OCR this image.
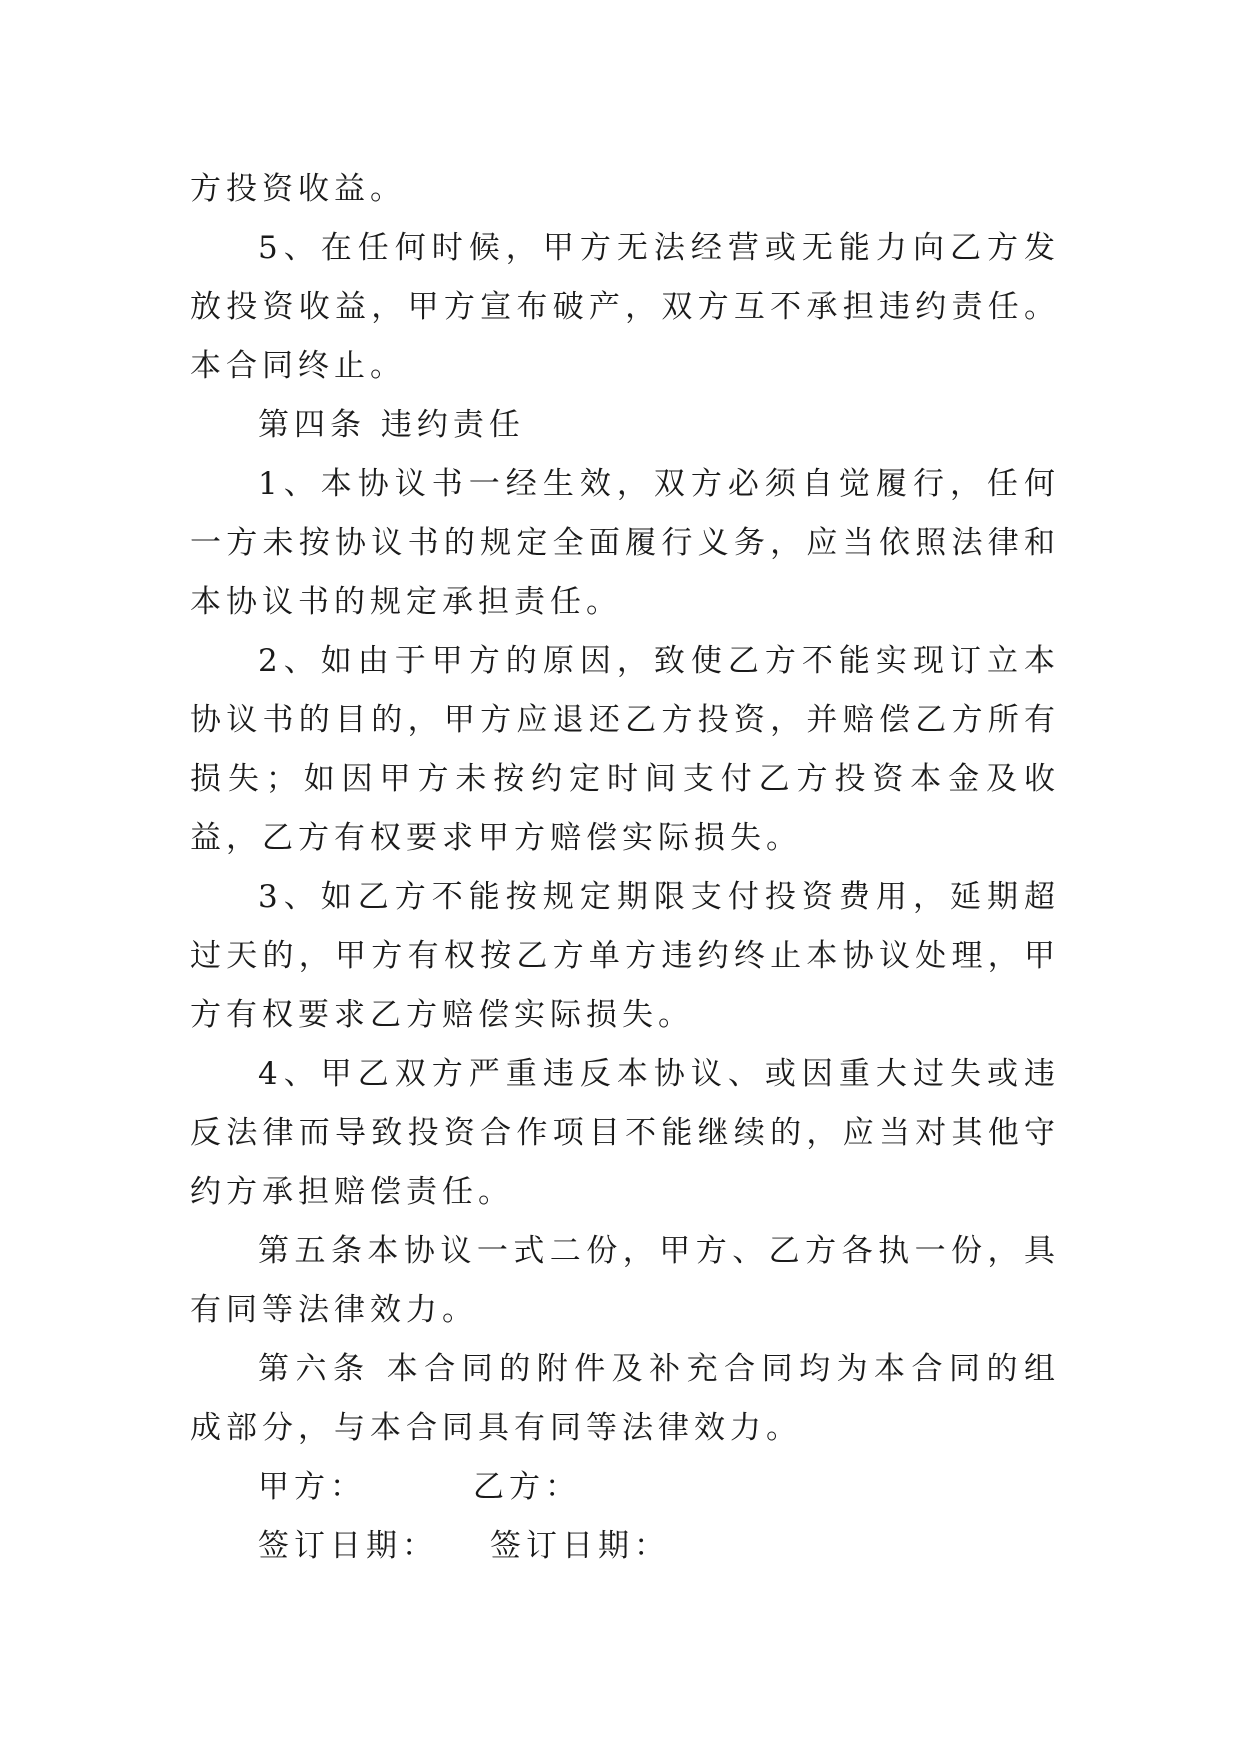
方投资收益。

5、在任何时候，甲方无法经营或无能力向乙方发放投资收益，甲方宣布破产，双方互不承担违约责任。本合同终止。

第四条 违约责任

1、本协议书一经生效，双方必须自觉履行，任何一方未按协议书的规定全面履行义务，应当依照法律和本协议书的规定承担责任。

2、如由于甲方的原因，致使乙方不能实现订立本协议书的目的，甲方应退还乙方投资，并赔偿乙方所有损失；如因甲方未按约定时间支付乙方投资本金及收益，乙方有权要求甲方赔偿实际损失。

3、如乙方不能按规定期限支付投资费用，延期超过天的，甲方有权按乙方单方违约终止本协议处理，甲方有权要求乙方赔偿实际损失。

4、甲乙双方严重违反本协议、或因重大过失或违反法律而导致投资合作项目不能继续的，应当对其他守约方承担赔偿责任。

第五条本协议一式二份，甲方、乙方各执一份，具有同等法律效力。

第六条 本合同的附件及补充合同均为本合同的组成部分，与本合同具有同等法律效力。

甲方：	乙方：
签订日期：	签订日期：
